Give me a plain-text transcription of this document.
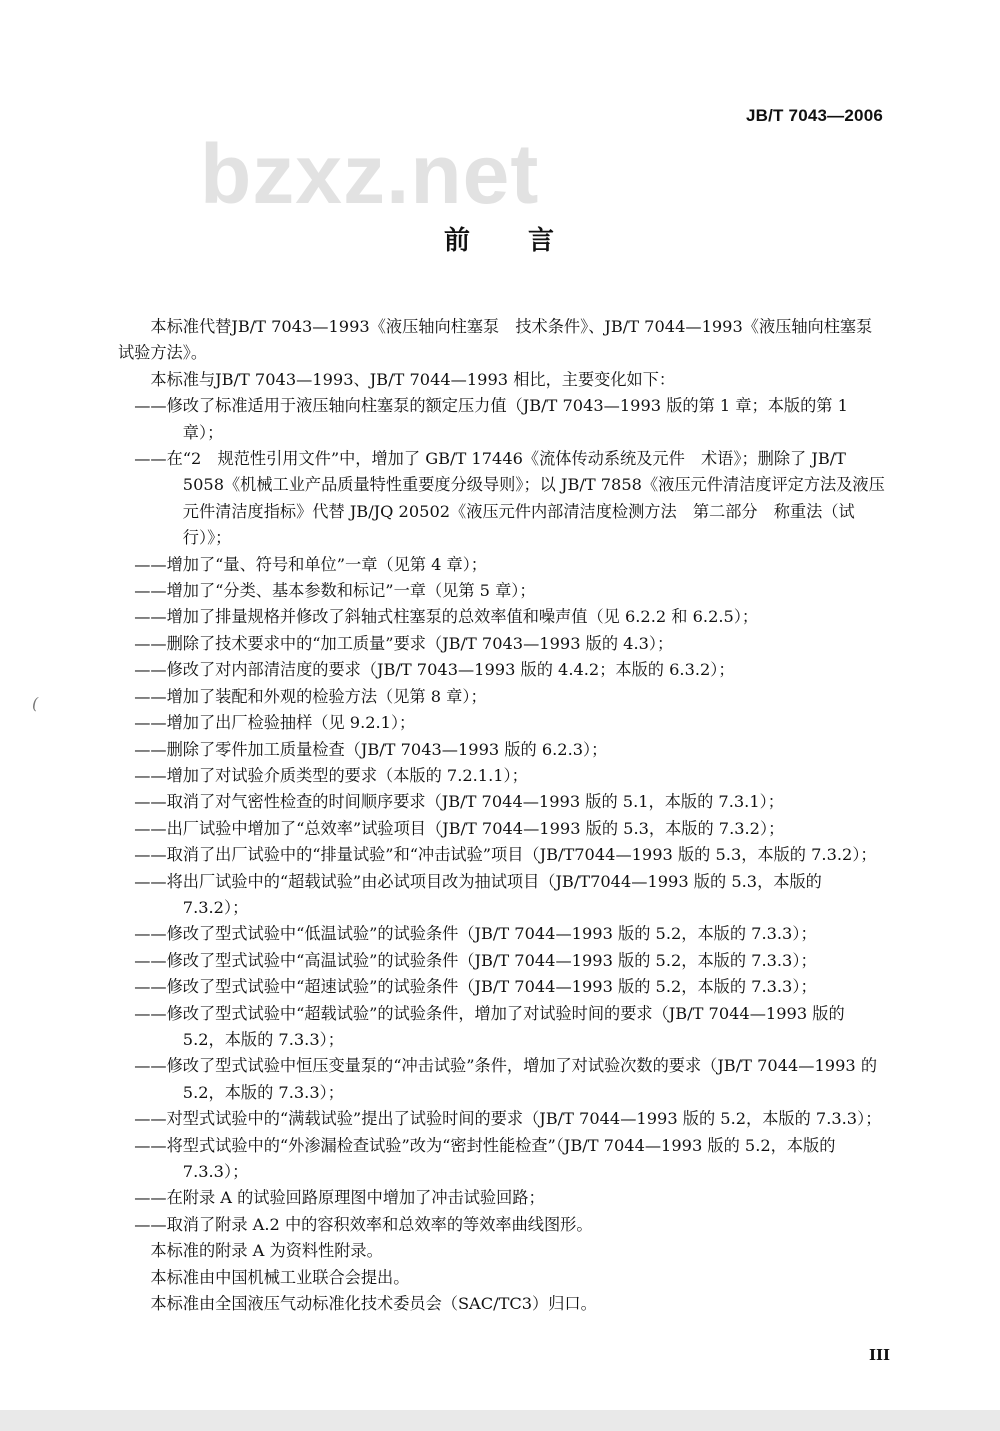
bzxz.net
JB/T 7043—2006
前　　言
(

本标准代替JB/T 7043—1993《液压轴向柱塞泵　技术条件》、JB/T 7044—1993《液压轴向柱塞泵　试验方法》。

本标准与JB/T 7043—1993、JB/T 7044—1993 相比，主要变化如下：

——修改了标准适用于液压轴向柱塞泵的额定压力值（JB/T 7043—1993 版的第 1 章；本版的第 1 章）；

——在“2　规范性引用文件”中，增加了 GB/T 17446《流体传动系统及元件　术语》；删除了 JB/T 5058《机械工业产品质量特性重要度分级导则》；以 JB/T 7858《液压元件清洁度评定方法及液压元件清洁度指标》代替 JB/JQ 20502《液压元件内部清洁度检测方法　第二部分　称重法（试行）》；

——增加了“量、符号和单位”一章（见第 4 章）；

——增加了“分类、基本参数和标记”一章（见第 5 章）；

——增加了排量规格并修改了斜轴式柱塞泵的总效率值和噪声值（见 6.2.2 和 6.2.5）；

——删除了技术要求中的“加工质量”要求（JB/T 7043—1993 版的 4.3）；

——修改了对内部清洁度的要求（JB/T 7043—1993 版的 4.4.2；本版的 6.3.2）；

——增加了装配和外观的检验方法（见第 8 章）；

——增加了出厂检验抽样（见 9.2.1）；

——删除了零件加工质量检查（JB/T 7043—1993 版的 6.2.3）；

——增加了对试验介质类型的要求（本版的 7.2.1.1）；

——取消了对气密性检查的时间顺序要求（JB/T 7044—1993 版的 5.1，本版的 7.3.1）；

——出厂试验中增加了“总效率”试验项目（JB/T 7044—1993 版的 5.3，本版的 7.3.2）；

——取消了出厂试验中的“排量试验”和“冲击试验”项目（JB/T7044—1993 版的 5.3，本版的 7.3.2）；

——将出厂试验中的“超载试验”由必试项目改为抽试项目（JB/T7044—1993 版的 5.3，本版的 7.3.2）；

——修改了型式试验中“低温试验”的试验条件（JB/T 7044—1993 版的 5.2，本版的 7.3.3）；

——修改了型式试验中“高温试验”的试验条件（JB/T 7044—1993 版的 5.2，本版的 7.3.3）；

——修改了型式试验中“超速试验”的试验条件（JB/T 7044—1993 版的 5.2，本版的 7.3.3）；

——修改了型式试验中“超载试验”的试验条件，增加了对试验时间的要求（JB/T 7044—1993 版的 5.2，本版的 7.3.3）；

——修改了型式试验中恒压变量泵的“冲击试验”条件，增加了对试验次数的要求（JB/T 7044—1993 的 5.2，本版的 7.3.3）；

——对型式试验中的“满载试验”提出了试验时间的要求（JB/T 7044—1993 版的 5.2，本版的 7.3.3）；

——将型式试验中的“外渗漏检查试验”改为“密封性能检查”（JB/T 7044—1993 版的 5.2，本版的 7.3.3）；

——在附录 A 的试验回路原理图中增加了冲击试验回路；

——取消了附录 A.2 中的容积效率和总效率的等效率曲线图形。

本标准的附录 A 为资料性附录。

本标准由中国机械工业联合会提出。

本标准由全国液压气动标准化技术委员会（SAC/TC3）归口。

III
